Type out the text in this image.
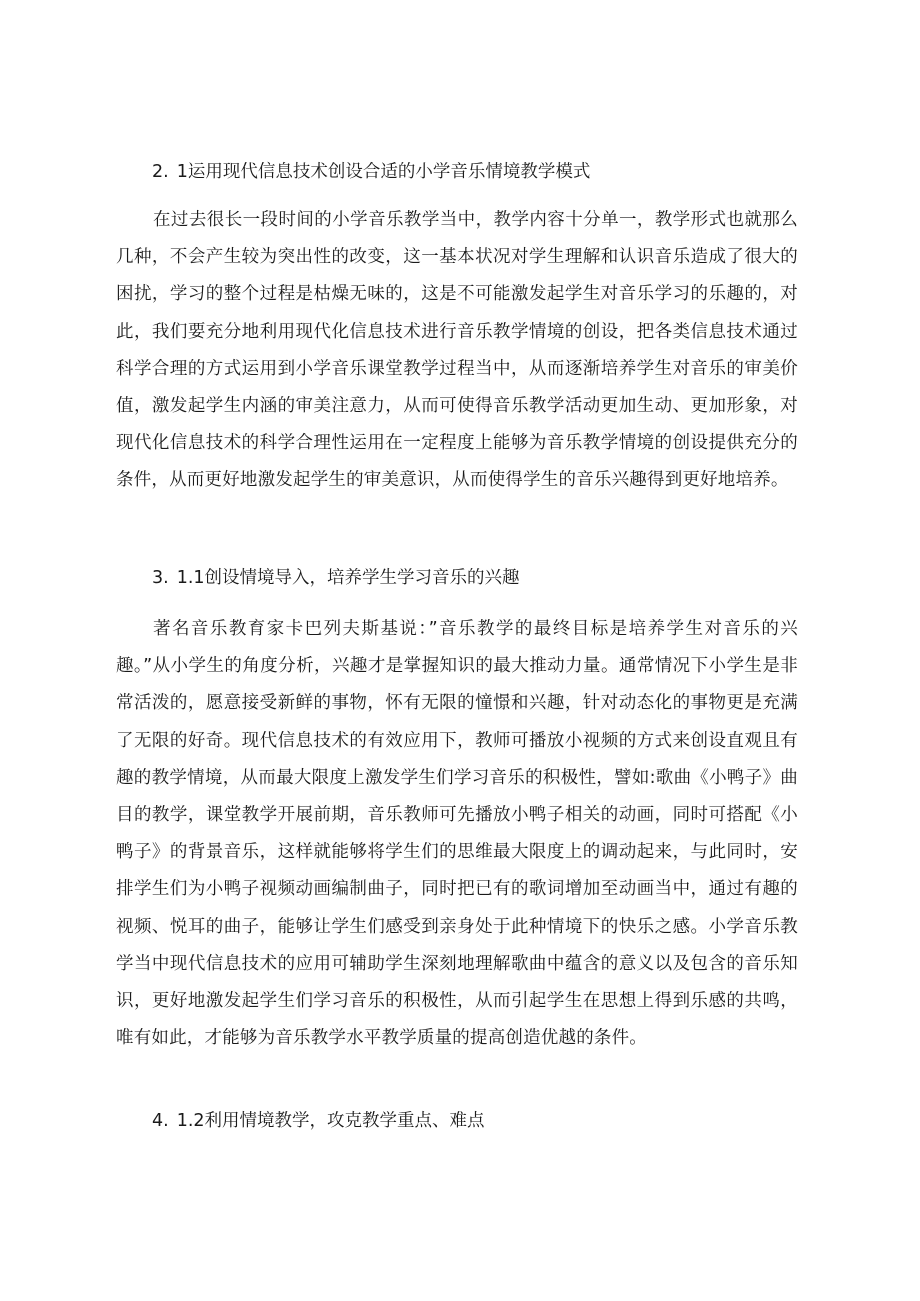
2. 1运用现代信息技术创设合适的小学音乐情境教学模式

在过去很长一段时间的小学音乐教学当中，教学内容十分单一，教学形式也就那么几种，不会产生较为突出性的改变，这一基本状况对学生理解和认识音乐造成了很大的困扰，学习的整个过程是枯燥无味的，这是不可能激发起学生对音乐学习的乐趣的，对此，我们要充分地利用现代化信息技术进行音乐教学情境的创设，把各类信息技术通过科学合理的方式运用到小学音乐课堂教学过程当中，从而逐渐培养学生对音乐的审美价值，激发起学生内涵的审美注意力，从而可使得音乐教学活动更加生动、更加形象，对现代化信息技术的科学合理性运用在一定程度上能够为音乐教学情境的创设提供充分的条件，从而更好地激发起学生的审美意识，从而使得学生的音乐兴趣得到更好地培养。

3. 1.1创设情境导入，培养学生学习音乐的兴趣

著名音乐教育家卡巴列夫斯基说：”音乐教学的最终目标是培养学生对音乐的兴趣。”从小学生的角度分析，兴趣才是掌握知识的最大推动力量。通常情况下小学生是非常活泼的，愿意接受新鲜的事物，怀有无限的憧憬和兴趣，针对动态化的事物更是充满了无限的好奇。现代信息技术的有效应用下，教师可播放小视频的方式来创设直观且有趣的教学情境，从而最大限度上激发学生们学习音乐的积极性，譬如:歌曲《小鸭子》曲目的教学，课堂教学开展前期，音乐教师可先播放小鸭子相关的动画，同时可搭配《小鸭子》的背景音乐，这样就能够将学生们的思维最大限度上的调动起来，与此同时，安排学生们为小鸭子视频动画编制曲子，同时把已有的歌词增加至动画当中，通过有趣的视频、悦耳的曲子，能够让学生们感受到亲身处于此种情境下的快乐之感。小学音乐教学当中现代信息技术的应用可辅助学生深刻地理解歌曲中蕴含的意义以及包含的音乐知识，更好地激发起学生们学习音乐的积极性，从而引起学生在思想上得到乐感的共鸣，唯有如此，才能够为音乐教学水平教学质量的提高创造优越的条件。

4. 1.2利用情境教学，攻克教学重点、难点
